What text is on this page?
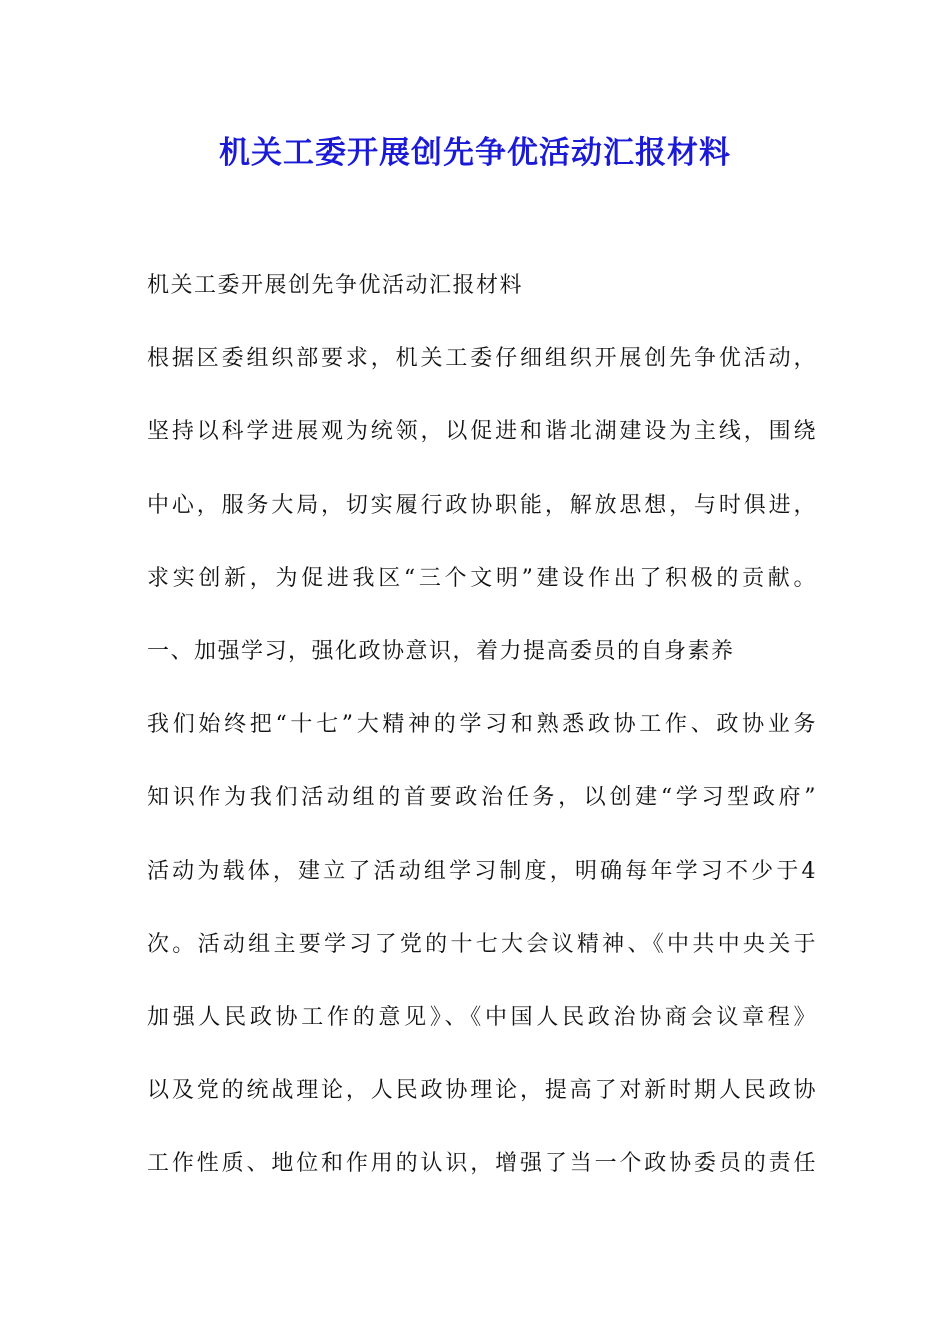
机关工委开展创先争优活动汇报材料
机关工委开展创先争优活动汇报材料
根据区委组织部要求，机关工委仔细组织开展创先争优活动，
坚持以科学进展观为统领，以促进和谐北湖建设为主线，围绕
中心，服务大局，切实履行政协职能，解放思想，与时俱进，
求实创新，为促进我区“三个文明”建设作出了积极的贡献。
一、加强学习，强化政协意识，着力提高委员的自身素养
我们始终把“十七”大精神的学习和熟悉政协工作、政协业务
知识作为我们活动组的首要政治任务，以创建“学习型政府”
活动为载体，建立了活动组学习制度，明确每年学习不少于4
次。活动组主要学习了党的十七大会议精神、《中共中央关于
加强人民政协工作的意见》、《中国人民政治协商会议章程》
以及党的统战理论，人民政协理论，提高了对新时期人民政协
工作性质、地位和作用的认识，增强了当一个政协委员的责任
